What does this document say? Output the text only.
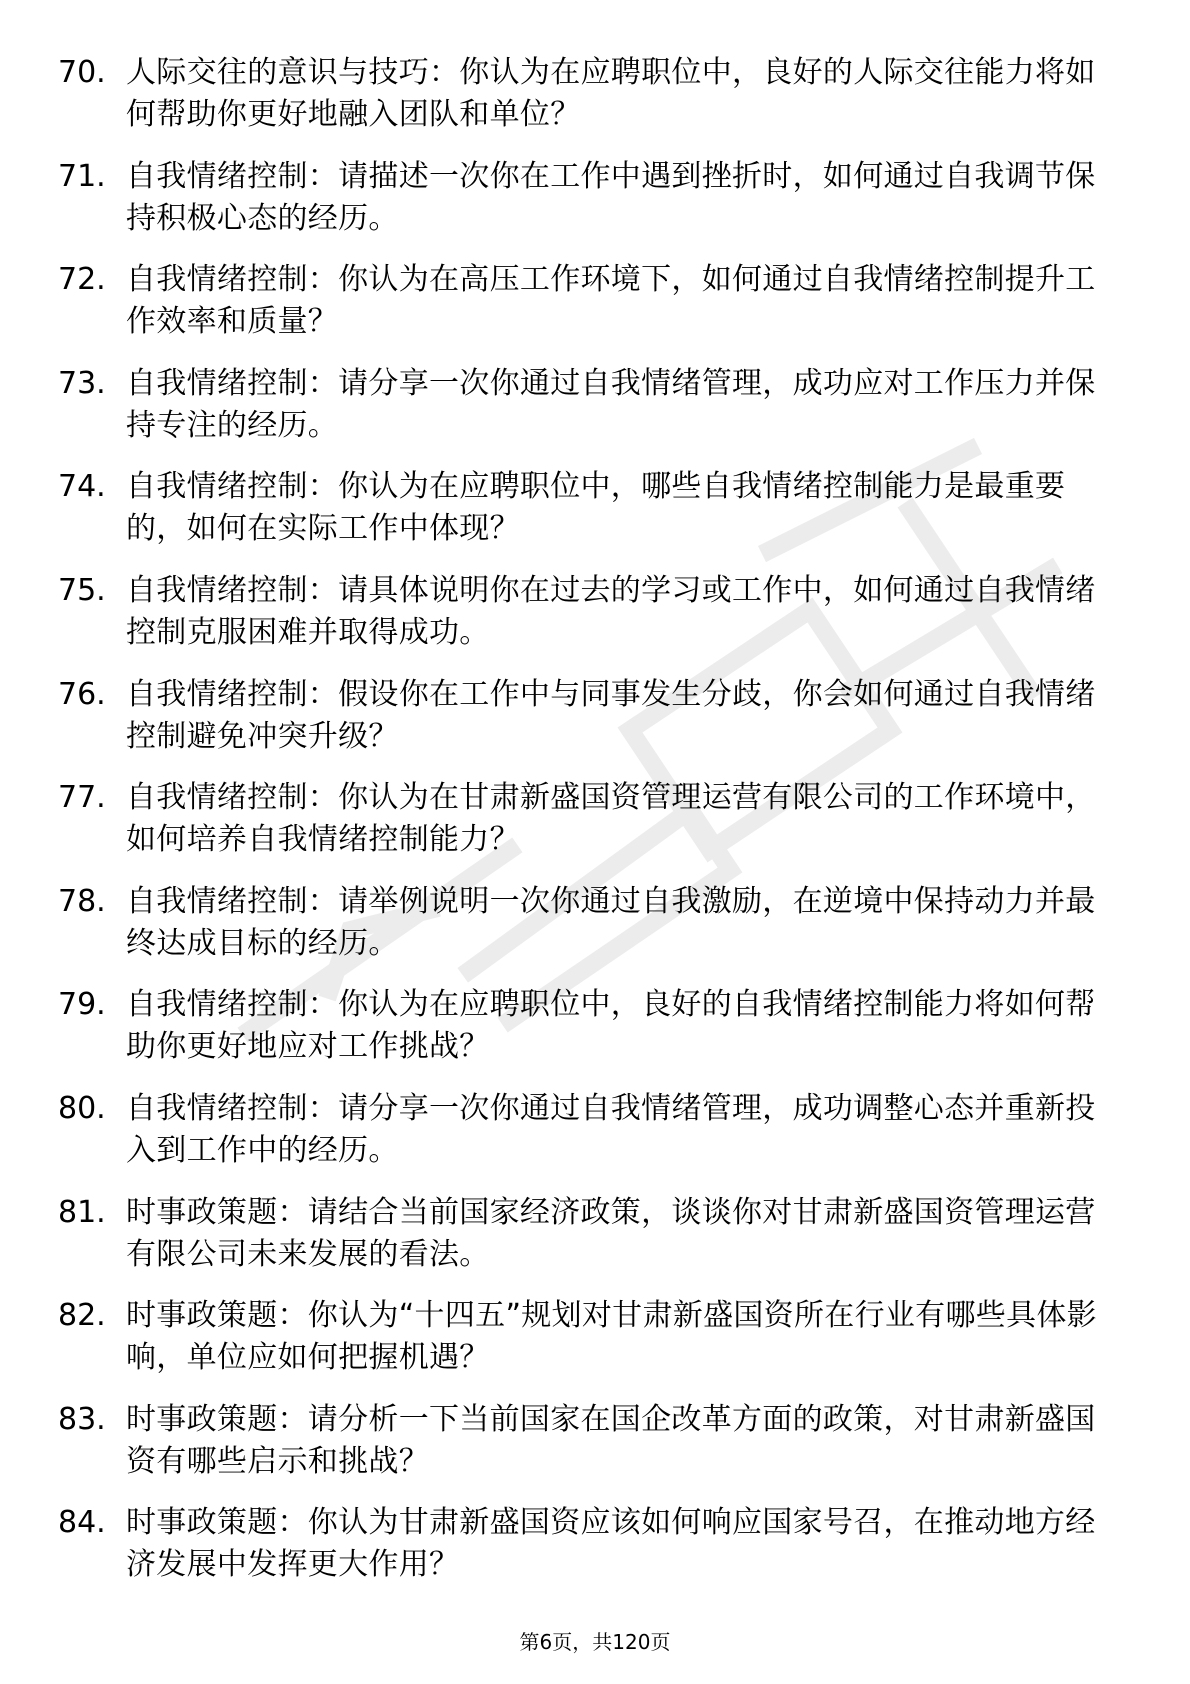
70. 人际交往的意识与技巧：你认为在应聘职位中，良好的人际交往能力将如何帮助你更好地融入团队和单位？
71. 自我情绪控制：请描述一次你在工作中遇到挫折时，如何通过自我调节保持积极心态的经历。
72. 自我情绪控制：你认为在高压工作环境下，如何通过自我情绪控制提升工作效率和质量？
73. 自我情绪控制：请分享一次你通过自我情绪管理，成功应对工作压力并保持专注的经历。
74. 自我情绪控制：你认为在应聘职位中，哪些自我情绪控制能力是最重要的，如何在实际工作中体现？
75. 自我情绪控制：请具体说明你在过去的学习或工作中，如何通过自我情绪控制克服困难并取得成功。
76. 自我情绪控制：假设你在工作中与同事发生分歧，你会如何通过自我情绪控制避免冲突升级？
77. 自我情绪控制：你认为在甘肃新盛国资管理运营有限公司的工作环境中，如何培养自我情绪控制能力？
78. 自我情绪控制：请举例说明一次你通过自我激励，在逆境中保持动力并最终达成目标的经历。
79. 自我情绪控制：你认为在应聘职位中，良好的自我情绪控制能力将如何帮助你更好地应对工作挑战？
80. 自我情绪控制：请分享一次你通过自我情绪管理，成功调整心态并重新投入到工作中的经历。
81. 时事政策题：请结合当前国家经济政策，谈谈你对甘肃新盛国资管理运营有限公司未来发展的看法。
82. 时事政策题：你认为“十四五”规划对甘肃新盛国资所在行业有哪些具体影响，单位应如何把握机遇？
83. 时事政策题：请分析一下当前国家在国企改革方面的政策，对甘肃新盛国资有哪些启示和挑战？
84. 时事政策题：你认为甘肃新盛国资应该如何响应国家号召，在推动地方经济发展中发挥更大作用？
第6页，共120页
